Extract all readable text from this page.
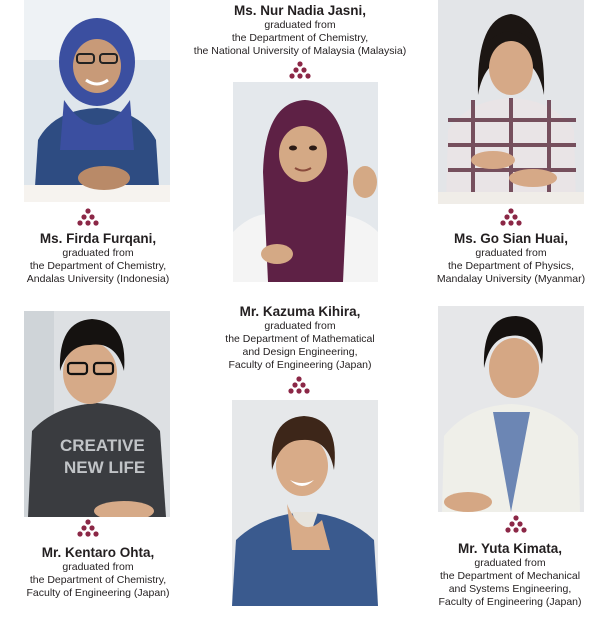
CREATIVE
NEW LIFE
Ms. Nur Nadia Jasni,
graduated from
the Department of Chemistry,
the National University of Malaysia (Malaysia)
Ms. Firda Furqani,
graduated from
the Department of Chemistry,
Andalas University (Indonesia)
Ms. Go Sian Huai,
graduated from
the Department of Physics,
Mandalay University (Myanmar)
Mr. Kazuma Kihira,
graduated from
the Department of Mathematical
and Design Engineering,
Faculty of Engineering (Japan)
Mr. Kentaro Ohta,
graduated from
the Department of Chemistry,
Faculty of Engineering (Japan)
Mr. Yuta Kimata,
graduated from
the Department of Mechanical
and Systems Engineering,
Faculty of Engineering (Japan)
